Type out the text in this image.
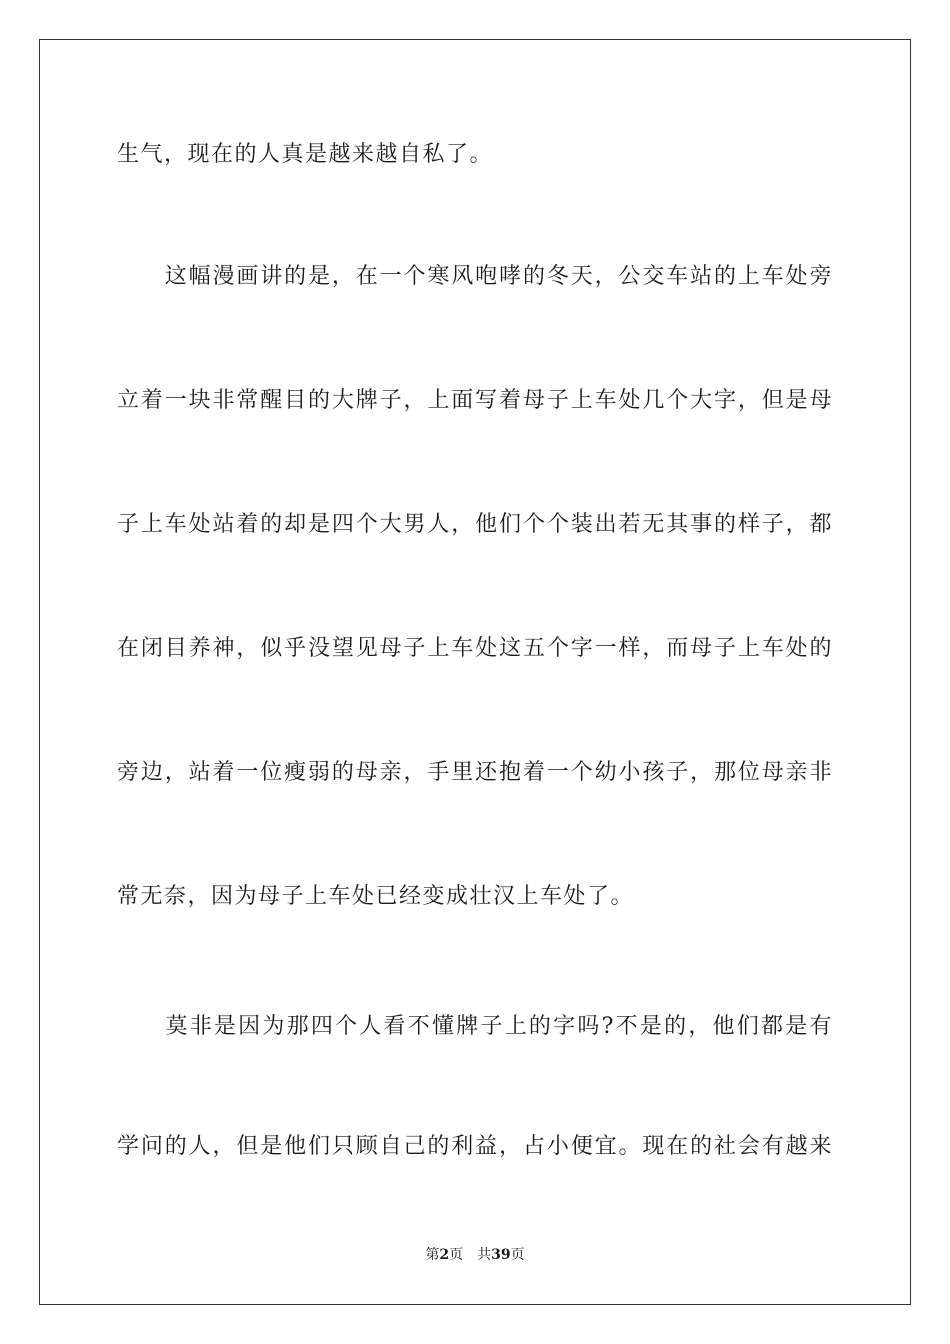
生气，现在的人真是越来越自私了。
　　这幅漫画讲的是，在一个寒风咆哮的冬天，公交车站的上车处旁
立着一块非常醒目的大牌子，上面写着母子上车处几个大字，但是母
子上车处站着的却是四个大男人，他们个个装出若无其事的样子，都
在闭目养神，似乎没望见母子上车处这五个字一样，而母子上车处的
旁边，站着一位瘦弱的母亲，手里还抱着一个幼小孩子，那位母亲非
常无奈，因为母子上车处已经变成壮汉上车处了。
　　莫非是因为那四个人看不懂牌子上的字吗?不是的，他们都是有
学问的人，但是他们只顾自己的利益，占小便宜。现在的社会有越来
第2页 共39页
